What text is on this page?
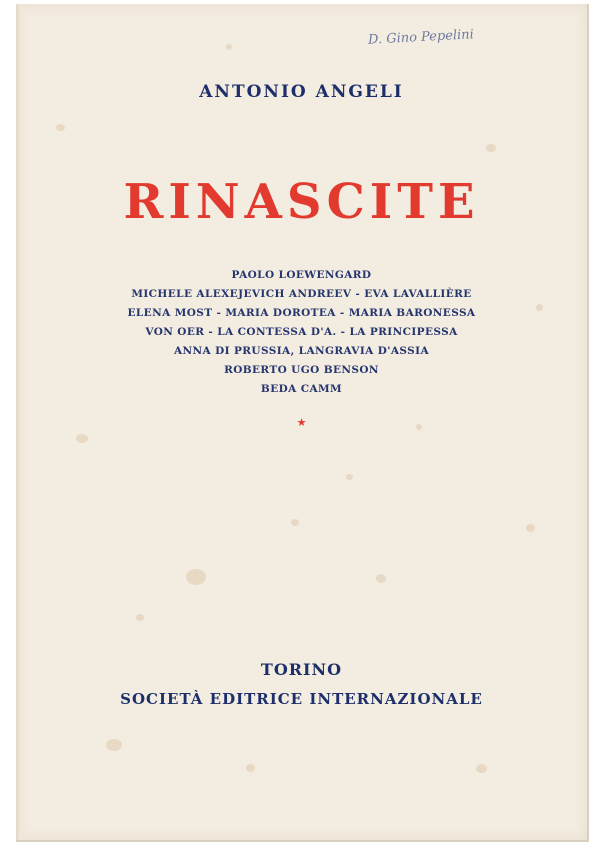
D. Gino Pepelini
ANTONIO ANGELI
RINASCITE
PAOLO LOEWENGARD
MICHELE ALEXEJEVICH ANDREEV - EVA LAVALLIÈRE
ELENA MOST - MARIA DOROTEA - MARIA BARONESSA
VON OER - LA CONTESSA D'A. - LA PRINCIPESSA
ANNA DI PRUSSIA, LANGRAVIA D'ASSIA
ROBERTO UGO BENSON
BEDA CAMM
★
TORINO
SOCIETÀ EDITRICE INTERNAZIONALE
